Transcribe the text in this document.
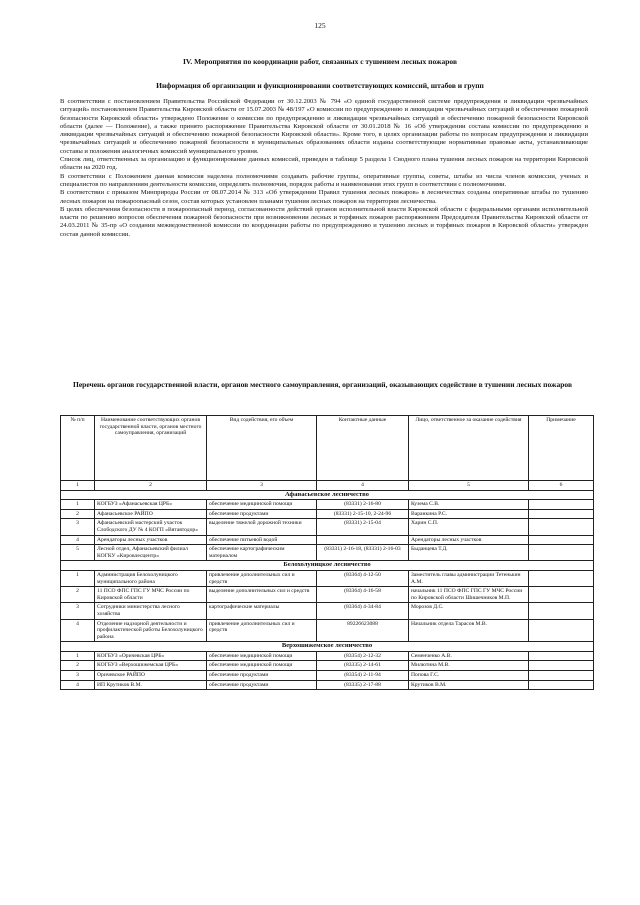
125
IV. Мероприятия по координации работ, связанных с тушением лесных пожаров
Информация об организации и функционировании соответствующих комиссий, штабов и групп

В соответствии с постановлением Правительства Российской Федерации от 30.12.2003 № 794 «О единой государственной системе предупреждения и ликвидации чрезвычайных ситуаций» постановлением Правительства Кировской области от 15.07.2003 № 48/197 «О комиссии по предупреждению и ликвидации чрезвычайных ситуаций и обеспечению пожарной безопасности Кировской области» утверждено Положение о комиссии по предупреждению и ликвидации чрезвычайных ситуаций и обеспечению пожарной безопасности Кировской области (далее — Положение), а также принято распоряжение Правительства Кировской области от 30.01.2018 № 16 «Об утверждении состава комиссии по предупреждению и ликвидации чрезвычайных ситуаций и обеспечению пожарной безопасности Кировской области». Кроме того, в целях организации работы по вопросам предупреждения и ликвидации чрезвычайных ситуаций и обеспечению пожарной безопасности в муниципальных образованиях области изданы соответствующие нормативные правовые акты, устанавливающие составы и положения аналогичных комиссий муниципального уровня.

Список лиц, ответственных за организацию и функционирование данных комиссий, приведен в таблице 5 раздела 1 Сводного плана тушения лесных пожаров на территории Кировской области на 2020 год.

В соответствии с Положением данная комиссия наделена полномочиями создавать рабочие группы, оперативные группы, советы, штабы из числа членов комиссии, ученых и специалистов по направлениям деятельности комиссии, определять полномочия, порядок работы и наименования этих групп в соответствии с полномочиями.

В соответствии с приказом Минприроды России от 08.07.2014 № 313 «Об утверждении Правил тушения лесных пожаров» в лесничествах созданы оперативные штабы по тушению лесных пожаров на пожароопасный сезон, состав которых установлен планами тушения лесных пожаров на территории лесничества.

В целях обеспечения безопасности в пожароопасный период, согласованности действий органов исполнительной власти Кировской области с федеральными органами исполнительной власти по решению вопросов обеспечения пожарной безопасности при возникновении лесных и торфяных пожаров распоряжением Председателя Правительства Кировской области от 24.03.2011 № 35-пр «О создании межведомственной комиссии по координации работы по предупреждению и тушению лесных и торфяных пожаров в Кировской области» утвержден состав данной комиссии.

Перечень органов государственной власти, органов местного самоуправления, организаций, оказывающих содействие в тушении лесных пожаров
№ п/п	Наименование соответствующих органов государственной власти, органов местного самоуправления, организаций	Вид содействия, его объем	Контактные данные	Лицо, ответственное за оказание содействия	Примечание
1	2	3	4	5	6
Афанасьевское лесничество					
1	КОГБУЗ «Афанасьевская ЦРБ»	обеспечение медицинской помощи	(83331) 2-16-80	Кузема С.В.	
2	Афанасьевское РАЙПО	обеспечение продуктами	(83331) 2-15-10, 2-24-96	Варанкина Р.С.	
3	Афанасьевский мастерский участок Слободского ДУ № 4 КОГП «Вятавтодор»	выделение тяжелой дорожной техники	(83331) 2-15-04	Харин С.П.	
4	Арендаторы лесных участков	обеспечение питьевой водой		Арендаторы лесных участков	
5	Лесной отдел, Афанасьевский филиал КОГКУ «Кировлесцентр»	обеспечение картографическим материалом	(83331) 2-16-18, (83331) 2-16-03	Быданцева Т.Д.	
Белохолуницкое лесничество					
1	Администрация Белохолуницкого муниципального района	привлечение дополнительных сил и средств	(83364) 4-12-50	Заместитель главы администрации Тетенькин А.М.	
2	11 ПСО ФПС ГПС ГУ МЧС России по Кировской области	выделение дополнительных сил и средств	(83364) 4-16-58	начальник 11 ПСО ФПС ГПС ГУ МЧС России по Кировской области Шишечников М.П.	
3	Сотрудники министерства лесного хозяйства	картографические материалы	(83364) 4-34-84	Морозов Д.С.	
4	Отделение надзорной деятельности и профилактической работы Белохолуницкого района	привлечение дополнительных сил и средств	89226623088	Начальник отдела Тарасов М.В.	
Верхошижемское лесничество					
1	КОГБУЗ «Оричевская ЦРБ»	обеспечение медицинской помощи	(83354) 2-12-32	Семенченко А.В.	
2	КОГБУЗ «Верхошижемская ЦРБ»	обеспечение медицинской помощи	(83335) 2-14-61	Милютина М.В.	
3	Оричевское РАЙПО	обеспечение продуктами	(83354) 2-11-94	Попова Г.С.	
4	ИП Крутиков В.М.	обеспечение продуктами	(83335) 2-17-88	Крутиков В.М.	
